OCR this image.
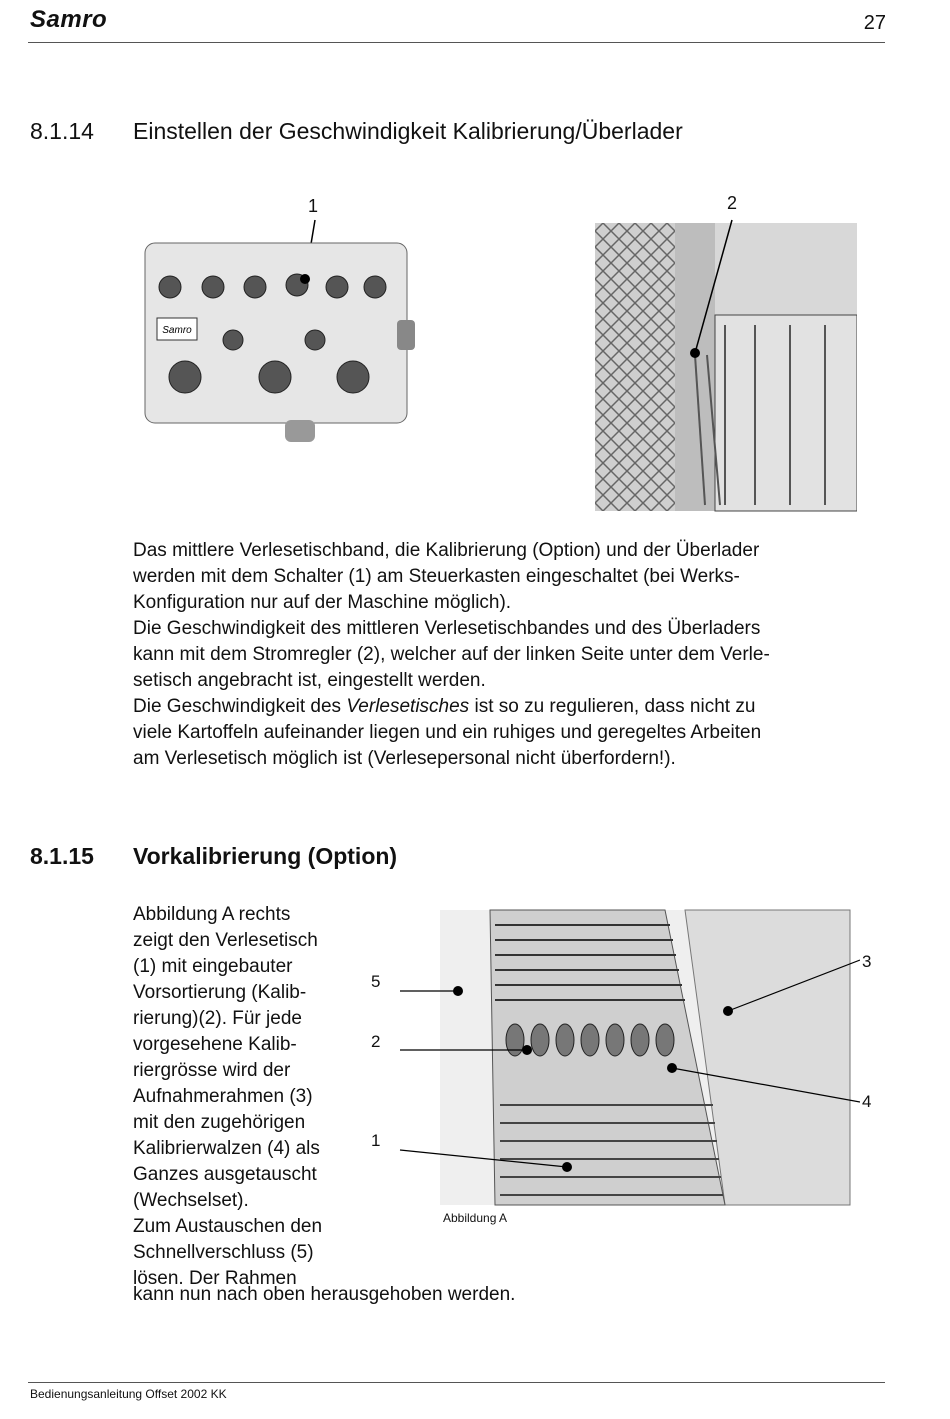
Samro	27
8.1.14 Einstellen der Geschwindigkeit Kalibrierung/Überlader
1
Samro
2
Das mittlere Verlesetischband, die Kalibrierung (Option) und der Überlader
werden mit dem Schalter (1) am Steuerkasten eingeschaltet (bei Werks-
Konfiguration nur auf der Maschine möglich).
Die Geschwindigkeit des mittleren Verlesetischbandes und des Überladers
kann mit dem Stromregler (2), welcher auf der linken Seite unter dem Verle-
setisch angebracht ist, eingestellt werden.
Die Geschwindigkeit des Verlesetisches ist so zu regulieren, dass nicht zu
viele Kartoffeln aufeinander liegen und ein ruhiges und geregeltes Arbeiten
am Verlesetisch möglich ist (Verlesepersonal nicht überfordern!).
8.1.15 Vorkalibrierung (Option)
Abbildung A rechts
zeigt den Verlesetisch
(1) mit eingebauter
Vorsortierung (Kalib-
rierung)(2). Für jede
vorgesehene Kalib-
riergrösse wird der
Aufnahmerahmen (3)
mit den zugehörigen
Kalibrierwalzen (4) als
Ganzes ausgetauscht
(Wechselset).
Zum Austauschen den
Schnellverschluss (5)
lösen. Der Rahmen
kann nun nach oben herausgehoben werden.
5
2
1
3
4
Abbildung A
Bedienungsanleitung Offset 2002 KK
